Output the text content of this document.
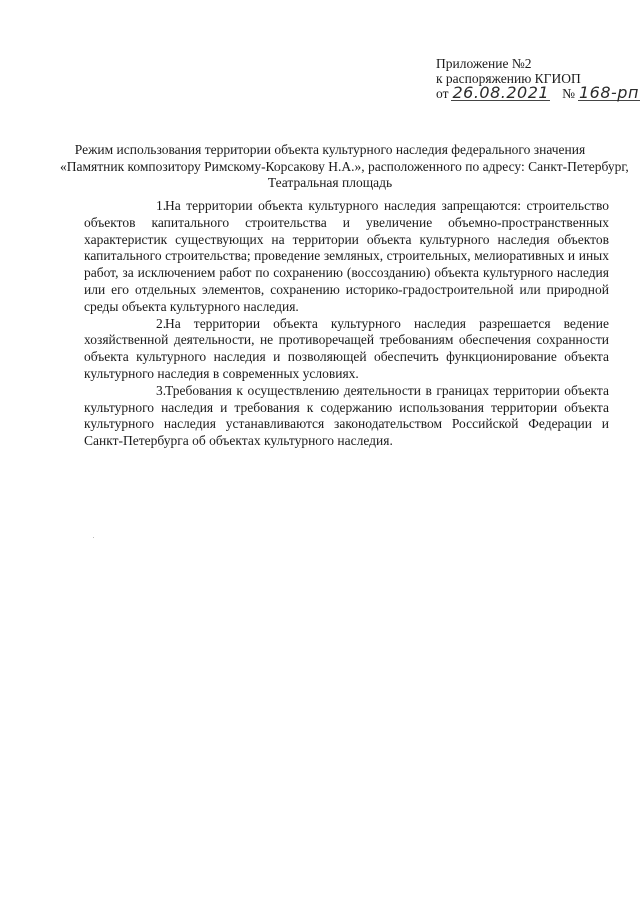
Приложение №2
к распоряжению КГИОП
от 26.08.2021 № 168-рп
Режим использования территории объекта культурного наследия федерального значения
«Памятник композитору Римскому-Корсакову Н.А.», расположенного по адресу: Санкт-Петербург,
Театральная площадь

1.На территории объекта культурного наследия запрещаются: строительство объектов капитального строительства и увеличение объемно-пространственных характеристик существующих на территории объекта культурного наследия объектов капитального строительства; проведение земляных, строительных, мелиоративных и иных работ, за исключением работ по сохранению (воссозданию) объекта культурного наследия или его отдельных элементов, сохранению историко-градостроительной или природной среды объекта культурного наследия.

2.На территории объекта культурного наследия разрешается ведение хозяйственной деятельности, не противоречащей требованиям обеспечения сохранности объекта культурного наследия и позволяющей обеспечить функционирование объекта культурного наследия в современных условиях.

3.Требования к осуществлению деятельности в границах территории объекта культурного наследия и требования к содержанию использования территории объекта культурного наследия устанавливаются законодательством Российской Федерации и Санкт-Петербурга об объектах культурного наследия.
